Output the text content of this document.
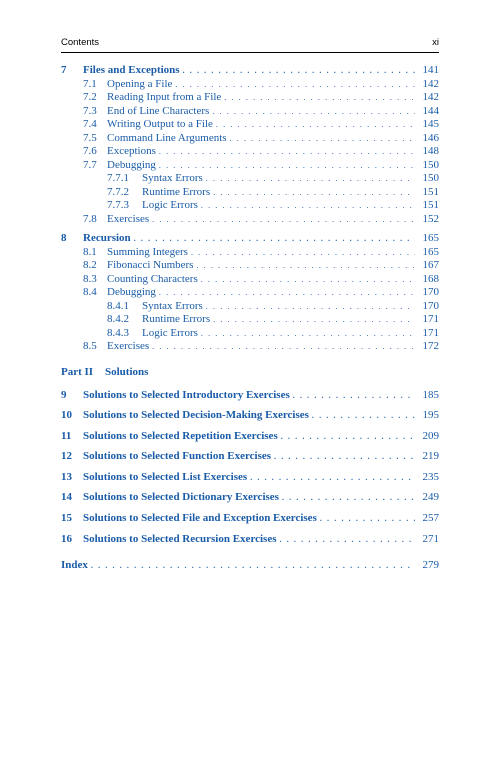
Contents	xi
7	Files and Exceptions . . .	141
7.1 Opening a File . . .	142
7.2 Reading Input from a File . . .	142
7.3 End of Line Characters . . .	144
7.4 Writing Output to a File . . .	145
7.5 Command Line Arguments . . .	146
7.6 Exceptions . . .	148
7.7 Debugging . . .	150
7.7.1	Syntax Errors . . .	150
7.7.2	Runtime Errors . . .	151
7.7.3	Logic Errors . . .	151
7.8 Exercises . . .	152
8	Recursion . . .	165
8.1 Summing Integers . . .	165
8.2 Fibonacci Numbers . . .	167
8.3 Counting Characters . . .	168
8.4 Debugging . . .	170
8.4.1	Syntax Errors . . .	170
8.4.2	Runtime Errors . . .	171
8.4.3	Logic Errors . . .	171
8.5 Exercises . . .	172
Part II Solutions
9	Solutions to Selected Introductory Exercises . . .	185
10	Solutions to Selected Decision-Making Exercises . . .	195
11	Solutions to Selected Repetition Exercises . . .	209
12	Solutions to Selected Function Exercises . . .	219
13	Solutions to Selected List Exercises . . .	235
14	Solutions to Selected Dictionary Exercises . . .	249
15	Solutions to Selected File and Exception Exercises . . .	257
16	Solutions to Selected Recursion Exercises . . .	271
Index . . .	279
